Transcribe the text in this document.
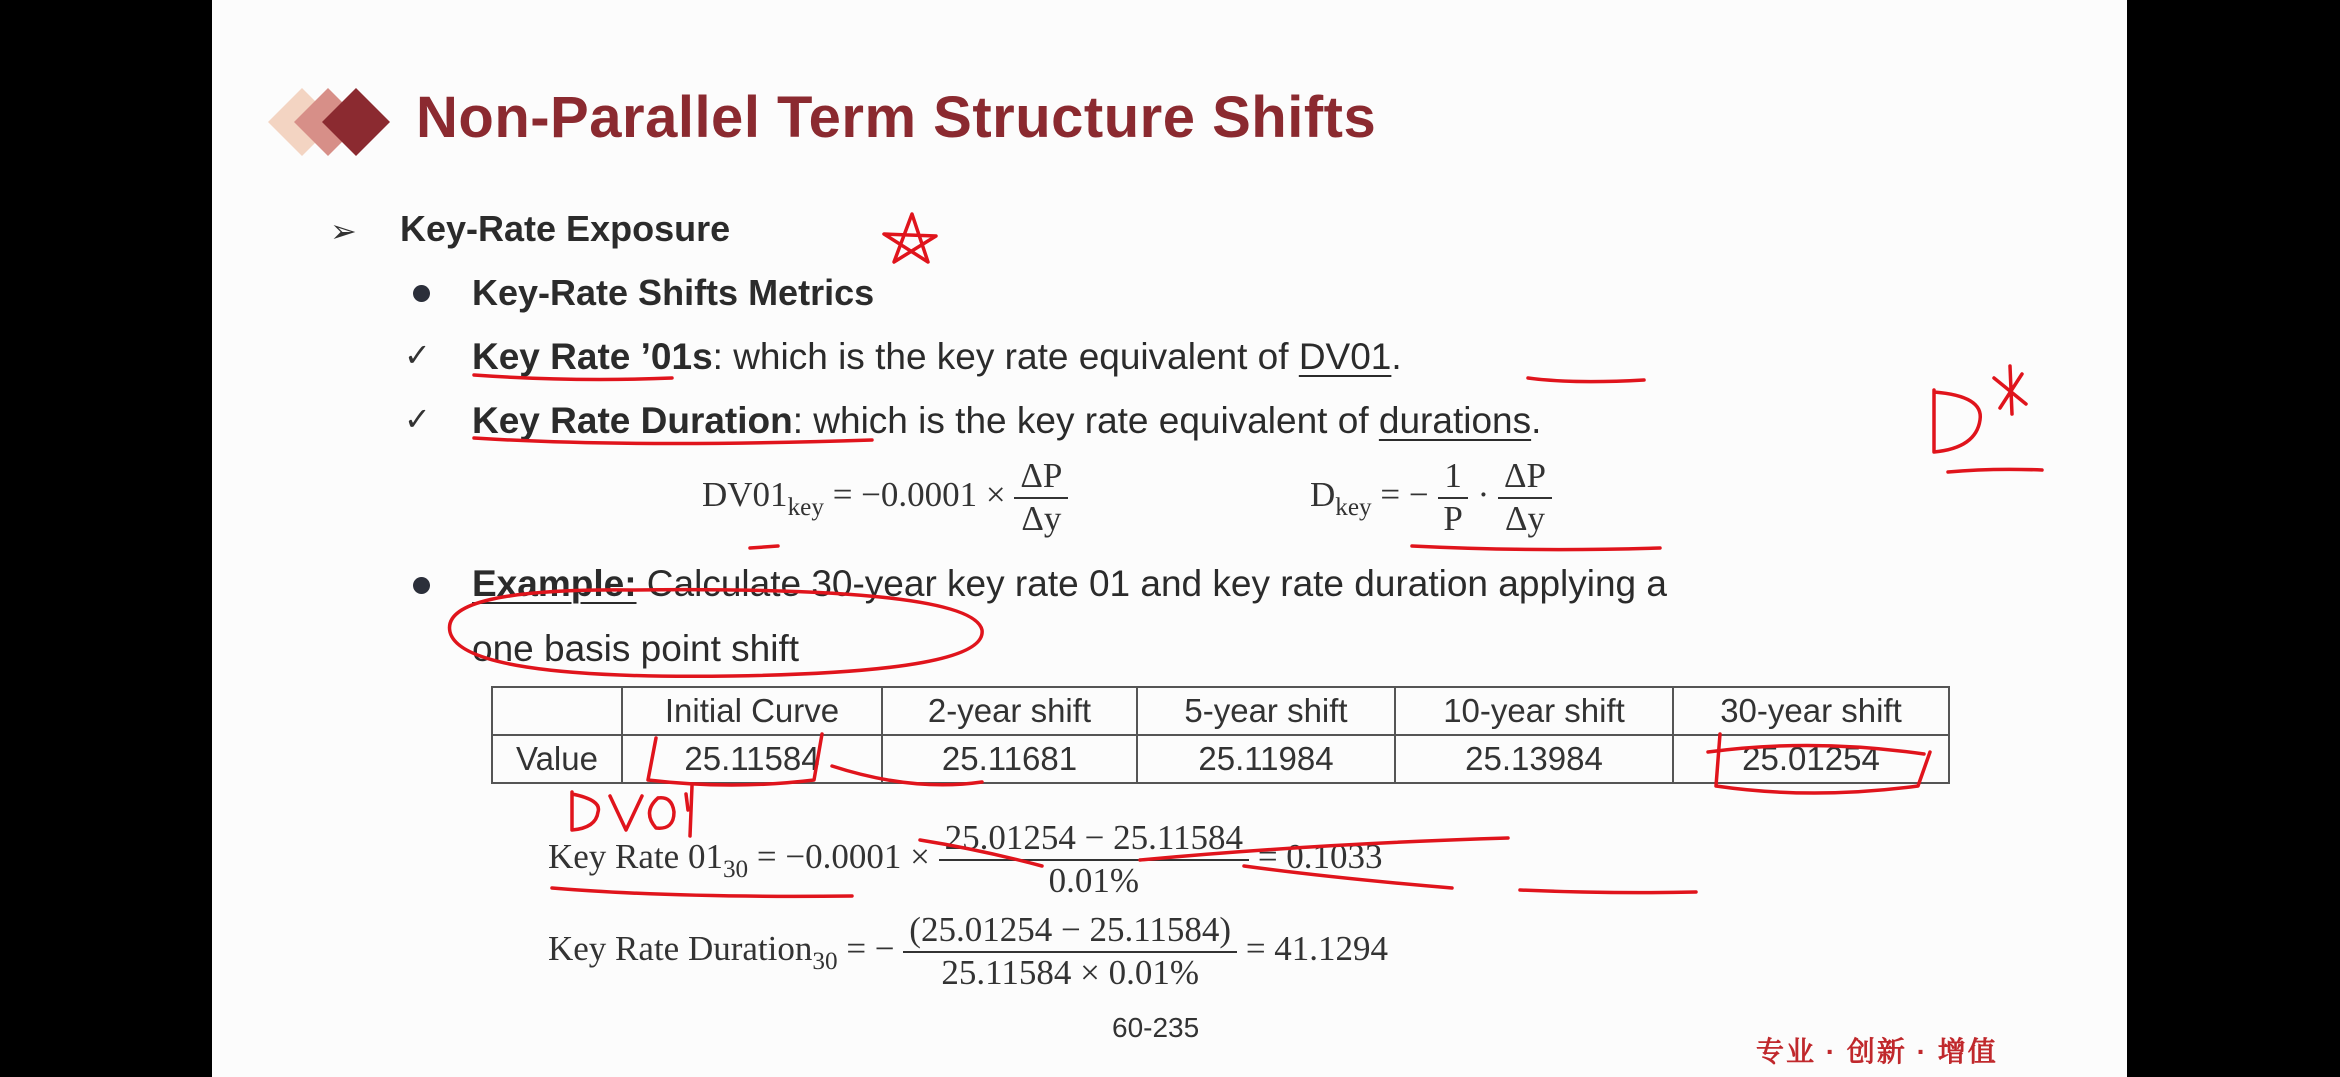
Non-Parallel Term Structure Shifts
➢ Key-Rate Exposure
Key-Rate Shifts Metrics
✓ Key Rate ’01s: which is the key rate equivalent of DV01.
✓ Key Rate Duration: which is the key rate equivalent of durations.
$DV01_{key} = -0.0001 \times \frac{\Delta P}{\Delta y}$	$D_{key}$ = − $\frac{1}{P} \cdot \frac{\Delta P}{\Delta y}$
Example: Calculate 30-year key rate 01 and key rate duration applying a
one basis point shift
	Initial Curve	2-year shift	5-year shift	10-year shift	30-year shift
Value	25.11584	25.11681	25.11984	25.13984	25.01254
Key Rate $01_{30} = -0.0001 \times \frac{25.01254 - 25.11584}{0.01\%} = 0.1033$
Key Rate Duration$_{30}$ = − $\frac{(25.01254 - 25.11584)}{25.11584 \times 0.01\%} = 41.1294$
60-235
专业 · 创新 · 增值
